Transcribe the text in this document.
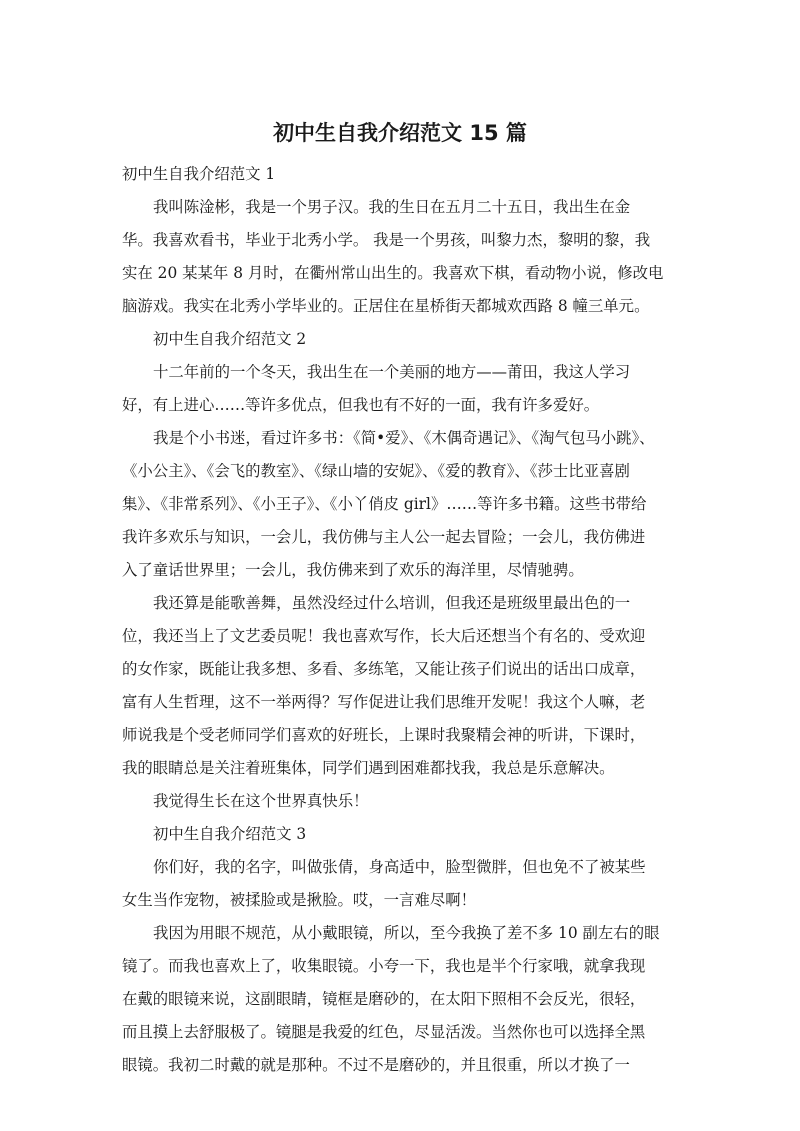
初中生自我介绍范文 15 篇
初中生自我介绍范文 1
我叫陈淦彬，我是一个男子汉。我的生日在五月二十五日，我出生在金
华。我喜欢看书，毕业于北秀小学。 我是一个男孩，叫黎力杰，黎明的黎，我
实在 20 某某年 8 月时，在衢州常山出生的。我喜欢下棋，看动物小说，修改电
脑游戏。我实在北秀小学毕业的。正居住在星桥街天都城欢西路 8 幢三单元。
初中生自我介绍范文 2
十二年前的一个冬天，我出生在一个美丽的地方——莆田，我这人学习
好，有上进心……等许多优点，但我也有不好的一面，我有许多爱好。
我是个小书迷，看过许多书：《简•爱》、《木偶奇遇记》、《淘气包马小跳》、
《小公主》、《会飞的教室》、《绿山墙的安妮》、《爱的教育》、《莎士比亚喜剧
集》、《非常系列》、《小王子》、《小丫俏皮 girl》……等许多书籍。这些书带给
我许多欢乐与知识，一会儿，我仿佛与主人公一起去冒险；一会儿，我仿佛进
入了童话世界里；一会儿，我仿佛来到了欢乐的海洋里，尽情驰骋。
我还算是能歌善舞，虽然没经过什么培训，但我还是班级里最出色的一
位，我还当上了文艺委员呢！我也喜欢写作，长大后还想当个有名的、受欢迎
的女作家，既能让我多想、多看、多练笔，又能让孩子们说出的话出口成章，
富有人生哲理，这不一举两得？写作促进让我们思维开发呢！我这个人嘛，老
师说我是个受老师同学们喜欢的好班长，上课时我聚精会神的听讲，下课时，
我的眼睛总是关注着班集体，同学们遇到困难都找我，我总是乐意解决。
我觉得生长在这个世界真快乐！
初中生自我介绍范文 3
你们好，我的名字，叫做张倩，身高适中，脸型微胖，但也免不了被某些
女生当作宠物，被揉脸或是揪脸。哎，一言难尽啊！
我因为用眼不规范，从小戴眼镜，所以，至今我换了差不多 10 副左右的眼
镜了。而我也喜欢上了，收集眼镜。小夸一下，我也是半个行家哦，就拿我现
在戴的眼镜来说，这副眼睛，镜框是磨砂的，在太阳下照相不会反光，很轻，
而且摸上去舒服极了。镜腿是我爱的红色，尽显活泼。当然你也可以选择全黑
眼镜。我初二时戴的就是那种。不过不是磨砂的，并且很重，所以才换了一
